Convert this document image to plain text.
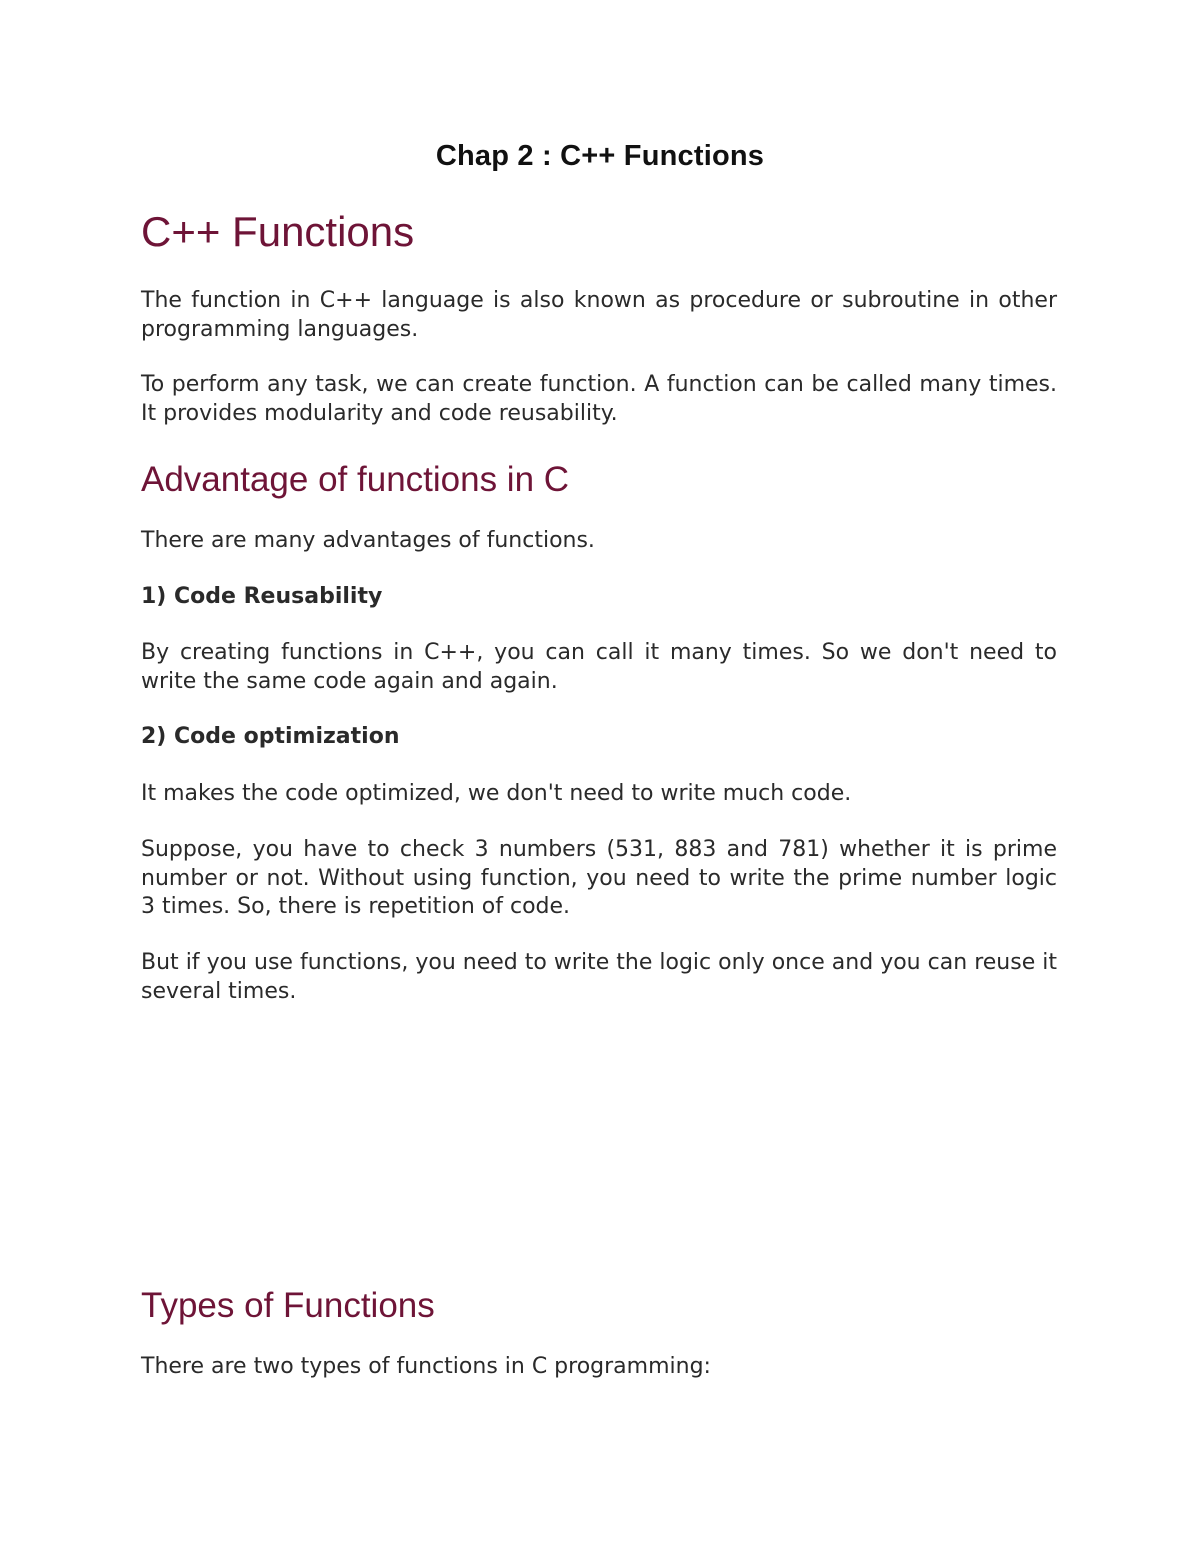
Chap 2 : C++ Functions
C++ Functions

The function in C++ language is also known as procedure or subroutine in other programming languages.

To perform any task, we can create function. A function can be called many times. It provides modularity and code reusability.

Advantage of functions in C

There are many advantages of functions.

1) Code Reusability

By creating functions in C++, you can call it many times. So we don't need to write the same code again and again.

2) Code optimization

It makes the code optimized, we don't need to write much code.

Suppose, you have to check 3 numbers (531, 883 and 781) whether it is prime number or not. Without using function, you need to write the prime number logic 3 times. So, there is repetition of code.

But if you use functions, you need to write the logic only once and you can reuse it several times.

Types of Functions

There are two types of functions in C programming:
